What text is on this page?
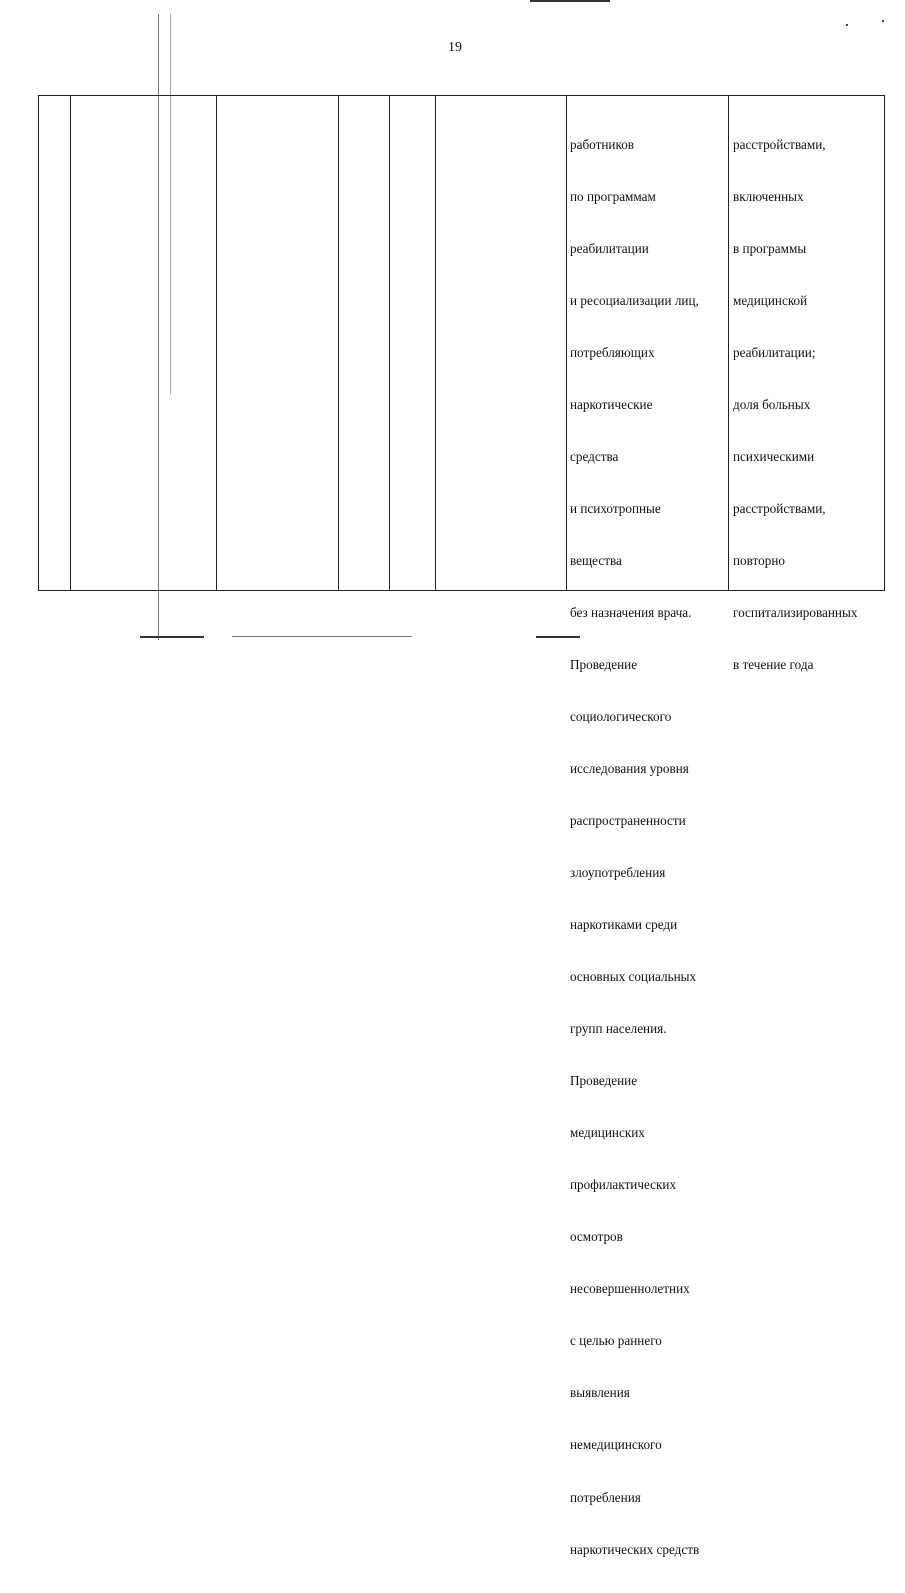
19

работников

по программам

реабилитации

и ресоциализации лиц,

потребляющих

наркотические

средства

и психотропные

вещества

без назначения врача.

Проведение

социологического

исследования уровня

распространенности

злоупотребления

наркотиками среди

основных социальных

групп населения.

Проведение

медицинских

профилактических

осмотров

несовершеннолетних

с целью раннего

выявления

немедицинского

потребления

наркотических средств

расстройствами,

включенных

в программы

медицинской

реабилитации;

доля больных

психическими

расстройствами,

повторно

госпитализированных

в течение года
